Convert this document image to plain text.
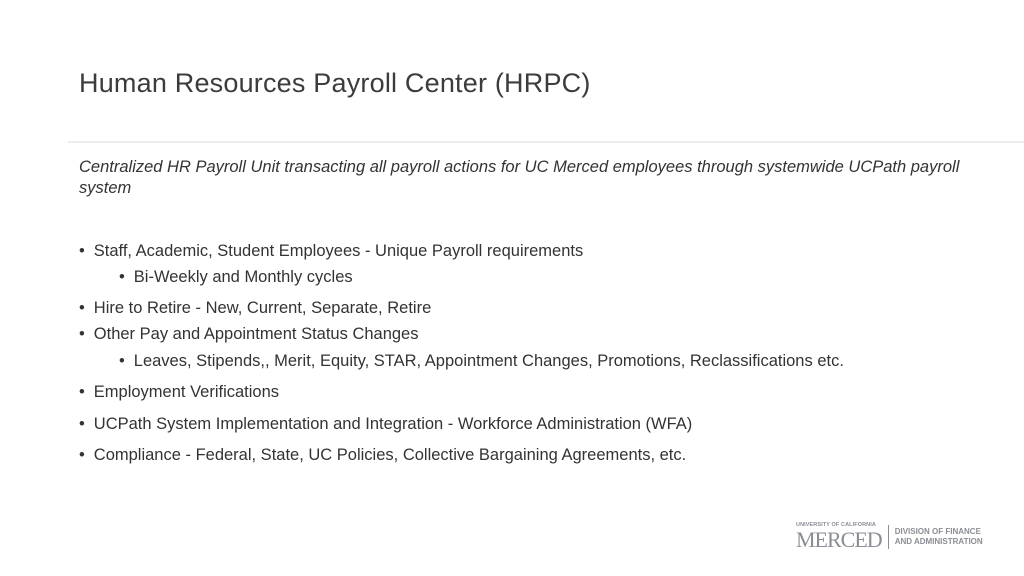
Human Resources Payroll Center (HRPC)
Centralized HR Payroll Unit transacting all payroll actions for UC Merced employees through systemwide UCPath payroll system
• Staff, Academic, Student Employees - Unique Payroll requirements
• Bi-Weekly and Monthly cycles
• Hire to Retire - New, Current, Separate, Retire
• Other Pay and Appointment Status Changes
• Leaves, Stipends,, Merit, Equity, STAR, Appointment Changes, Promotions, Reclassifications etc.
• Employment Verifications
• UCPath System Implementation and Integration - Workforce Administration (WFA)
• Compliance - Federal, State, UC Policies, Collective Bargaining Agreements, etc.
UNIVERSITY OF CALIFORNIA
MERCED DIVISION OF FINANCE
AND ADMINISTRATION
